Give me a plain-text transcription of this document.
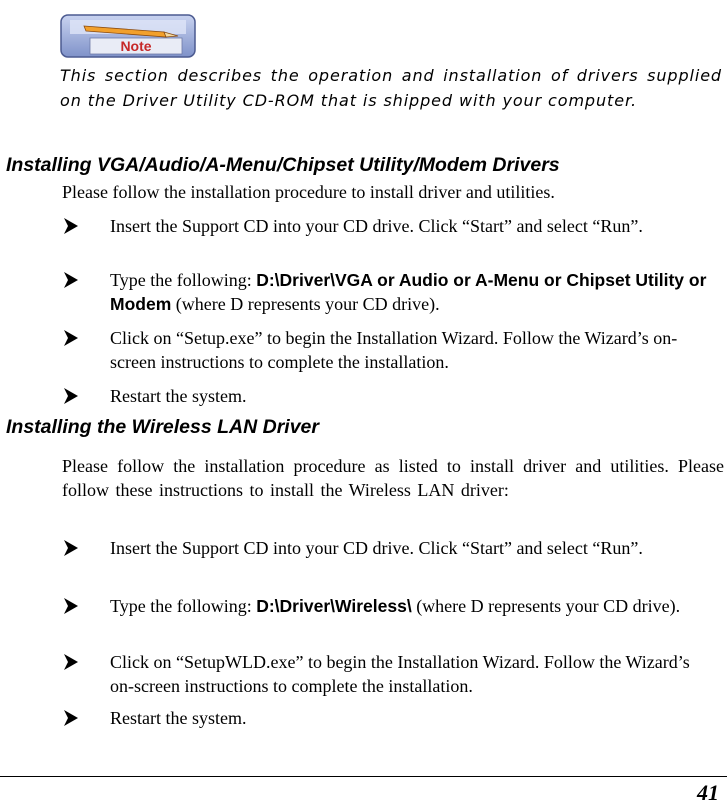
Note

This section describes the operation and installation of drivers supplied on the Driver Utility CD-ROM that is shipped with your computer.

Installing VGA/Audio/A-Menu/Chipset Utility/Modem Drivers

Please follow the installation procedure to install driver and utilities.

Insert the Support CD into your CD drive. Click “Start” and select “Run”.

Type the following: D:\Driver\VGA or Audio or A-Menu or Chipset Utility or Modem (where D represents your CD drive).

Click on “Setup.exe” to begin the Installation Wizard. Follow the Wizard’s on-screen instructions to complete the installation.

Restart the system.

Installing the Wireless LAN Driver

Please follow the installation procedure as listed to install driver and utilities. Please follow these instructions to install the Wireless LAN driver:

Insert the Support CD into your CD drive. Click “Start” and select “Run”.

Type the following: D:\Driver\Wireless\ (where D represents your CD drive).

Click on “SetupWLD.exe” to begin the Installation Wizard. Follow the Wizard’s on-screen instructions to complete the installation.

Restart the system.

41
